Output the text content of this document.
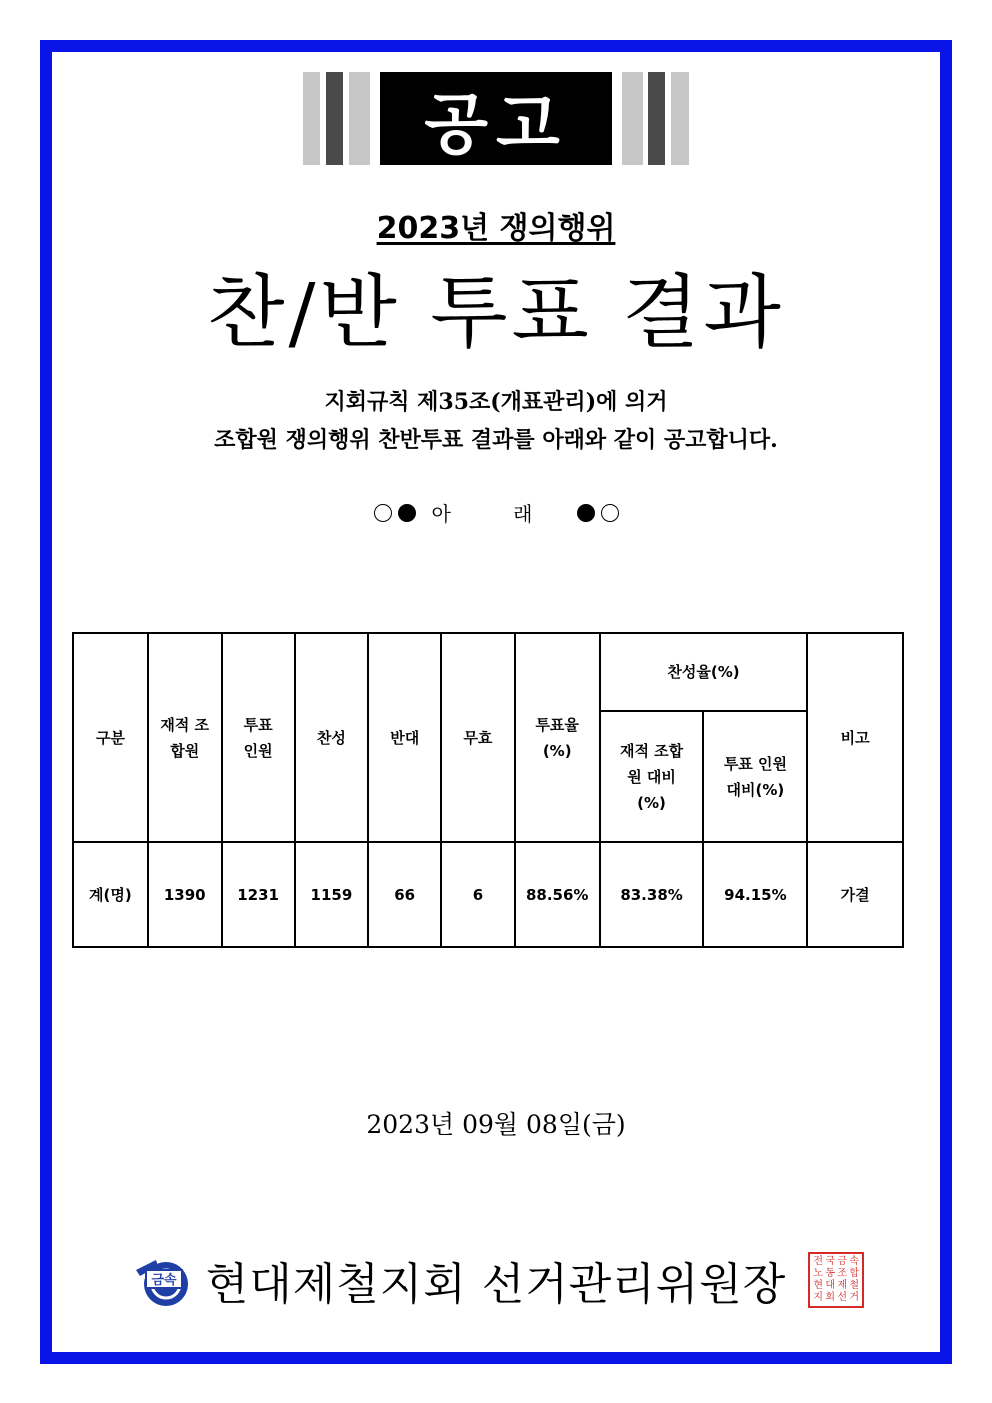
공고
2023년 쟁의행위
찬/반 투표 결과
지회규칙 제35조(개표관리)에 의거
조합원 쟁의행위 찬반투표 결과를 아래와 같이 공고합니다.
아 래
구분	재적 조합원	투표 인원	찬성	반대	무효	투표율 (%)	찬성율(%)		비고

							재적 조합원 대비(%)	투표 인원 대비(%)	

계(명)	1390	1231	1159	66	6	88.56%	83.38%	94.15%	가결
2023년 09월 08일(금)
금속 현대제철지회 선거관리위원장	전 국 금 속
노 동 조 합
현 대 제 철
지 회 선 거
